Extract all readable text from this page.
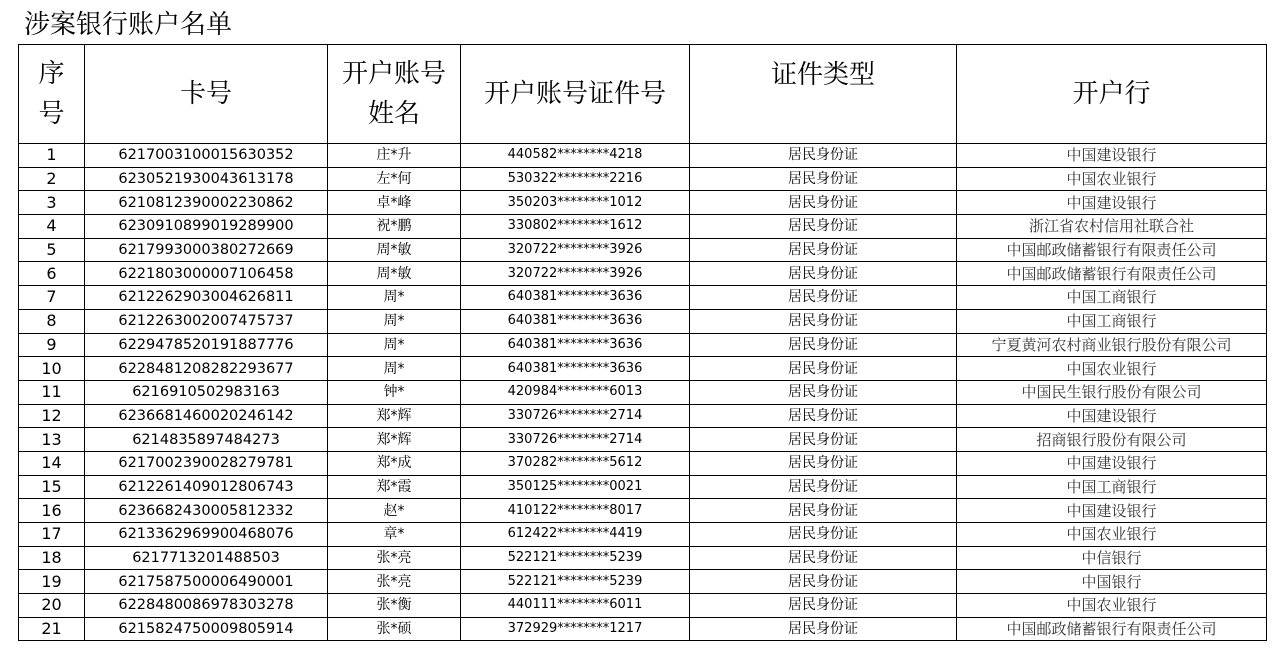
涉案银行账户名单
序号	卡号	开户账号姓名	开户账号证件号	证件类型	开户行
1	6217003100015630352	庄*升	440582********4218	居民身份证	中国建设银行
2	6230521930043613178	左*何	530322********2216	居民身份证	中国农业银行
3	6210812390002230862	卓*峰	350203********1012	居民身份证	中国建设银行
4	6230910899019289900	祝*鹏	330802********1612	居民身份证	浙江省农村信用社联合社
5	6217993000380272669	周*敏	320722********3926	居民身份证	中国邮政储蓄银行有限责任公司
6	6221803000007106458	周*敏	320722********3926	居民身份证	中国邮政储蓄银行有限责任公司
7	6212262903004626811	周*	640381********3636	居民身份证	中国工商银行
8	6212263002007475737	周*	640381********3636	居民身份证	中国工商银行
9	6229478520191887776	周*	640381********3636	居民身份证	宁夏黄河农村商业银行股份有限公司
10	6228481208282293677	周*	640381********3636	居民身份证	中国农业银行
11	6216910502983163	钟*	420984********6013	居民身份证	中国民生银行股份有限公司
12	6236681460020246142	郑*辉	330726********2714	居民身份证	中国建设银行
13	6214835897484273	郑*辉	330726********2714	居民身份证	招商银行股份有限公司
14	6217002390028279781	郑*成	370282********5612	居民身份证	中国建设银行
15	6212261409012806743	郑*霞	350125********0021	居民身份证	中国工商银行
16	6236682430005812332	赵*	410122********8017	居民身份证	中国建设银行
17	6213362969900468076	章*	612422********4419	居民身份证	中国农业银行
18	6217713201488503	张*亮	522121********5239	居民身份证	中信银行
19	6217587500006490001	张*亮	522121********5239	居民身份证	中国银行
20	6228480086978303278	张*衡	440111********6011	居民身份证	中国农业银行
21	6215824750009805914	张*硕	372929********1217	居民身份证	中国邮政储蓄银行有限责任公司
